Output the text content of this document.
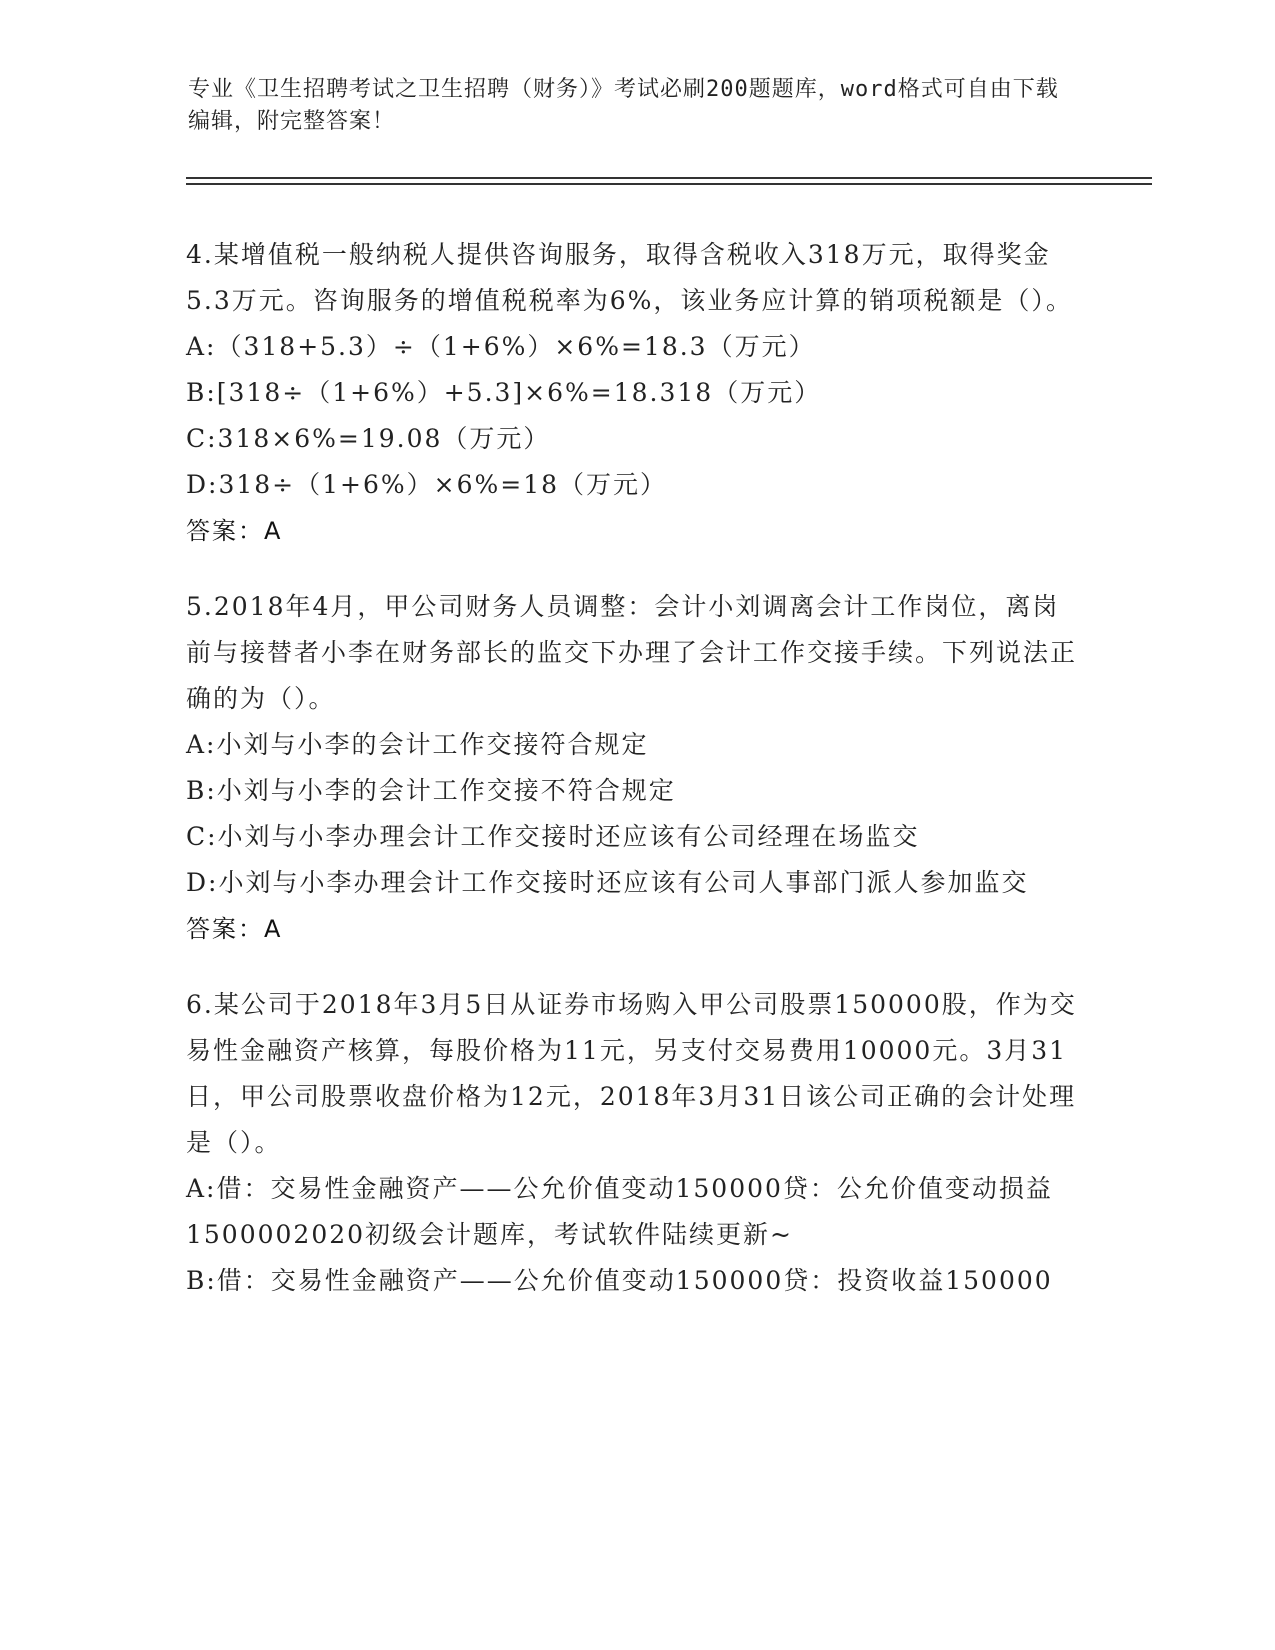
专业《卫生招聘考试之卫生招聘（财务）》考试必刷200题题库，word格式可自由下载编辑，附完整答案！

4.某增值税一般纳税人提供咨询服务，取得含税收入318万元，取得奖金5.3万元。咨询服务的增值税税率为6%，该业务应计算的销项税额是（）。

A:（318+5.3）÷（1+6%）×6%=18.3（万元）

B:[318÷（1+6%）+5.3]×6%=18.318（万元）

C:318×6%=19.08（万元）

D:318÷（1+6%）×6%=18（万元）

答案：A

5.2018年4月，甲公司财务人员调整：会计小刘调离会计工作岗位，离岗前与接替者小李在财务部长的监交下办理了会计工作交接手续。下列说法正确的为（）。

A:小刘与小李的会计工作交接符合规定

B:小刘与小李的会计工作交接不符合规定

C:小刘与小李办理会计工作交接时还应该有公司经理在场监交

D:小刘与小李办理会计工作交接时还应该有公司人事部门派人参加监交

答案：A

6.某公司于2018年3月5日从证券市场购入甲公司股票150000股，作为交易性金融资产核算，每股价格为11元，另支付交易费用10000元。3月31日，甲公司股票收盘价格为12元，2018年3月31日该公司正确的会计处理是（）。

A:借：交易性金融资产——公允价值变动150000贷：公允价值变动损益1500002020初级会计题库，考试软件陆续更新~

B:借：交易性金融资产——公允价值变动150000贷：投资收益150000
